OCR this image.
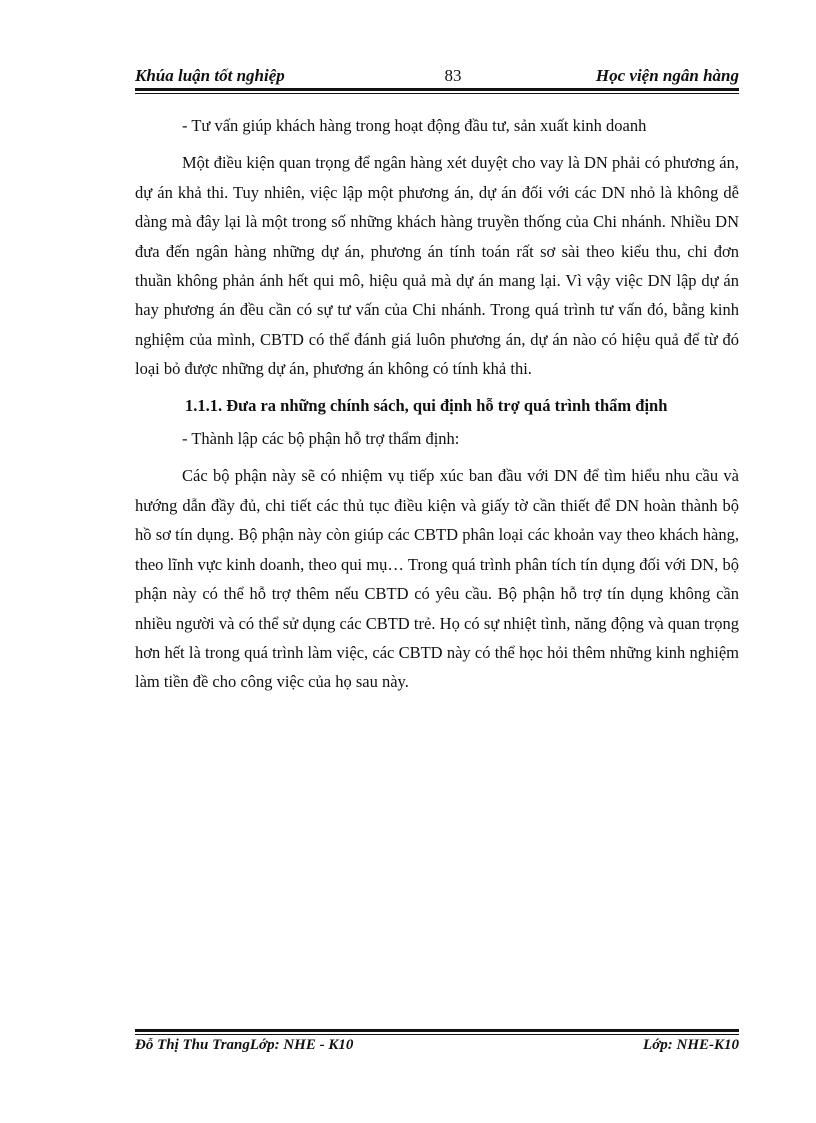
Khúa luận tốt nghiệp	83	Học viện ngân hàng

- Tư vấn giúp khách hàng trong hoạt động đầu tư, sản xuất kinh doanh

Một điều kiện quan trọng để ngân hàng xét duyệt cho vay là DN phải có phương án, dự án khả thi. Tuy nhiên, việc lập một phương án, dự án đối với các DN nhỏ là không dễ dàng mà đây lại là một trong số những khách hàng truyền thống của Chi nhánh. Nhiều DN đưa đến ngân hàng những dự án, phương án tính toán rất sơ sài theo kiểu thu, chi đơn thuần không phản ánh hết qui mô, hiệu quả mà dự án mang lại. Vì vậy việc DN lập dự án hay phương án đều cần có sự tư vấn của Chi nhánh. Trong quá trình tư vấn đó, bằng kinh nghiệm của mình, CBTD có thể đánh giá luôn phương án, dự án nào có hiệu quả để từ đó loại bỏ được những dự án, phương án không có tính khả thi.

1.1.1. Đưa ra những chính sách, qui định hỗ trợ quá trình thẩm định

- Thành lập các bộ phận hỗ trợ thẩm định:

Các bộ phận này sẽ có nhiệm vụ tiếp xúc ban đầu với DN để tìm hiểu nhu cầu và hướng dẫn đầy đủ, chi tiết các thủ tục điều kiện và giấy tờ cần thiết để DN hoàn thành bộ hồ sơ tín dụng. Bộ phận này còn giúp các CBTD phân loại các khoản vay theo khách hàng, theo lĩnh vực kinh doanh, theo qui mụ… Trong quá trình phân tích tín dụng đối với DN, bộ phận này có thể hỗ trợ thêm nếu CBTD có yêu cầu. Bộ phận hỗ trợ tín dụng không cần nhiều người và có thể sử dụng các CBTD trẻ. Họ có sự nhiệt tình, năng động và quan trọng hơn hết là trong quá trình làm việc, các CBTD này có thể học hỏi thêm những kinh nghiệm làm tiền đề cho công việc của họ sau này.

Đỗ Thị Thu TrangLớp: NHE - K10	Lớp: NHE-K10
